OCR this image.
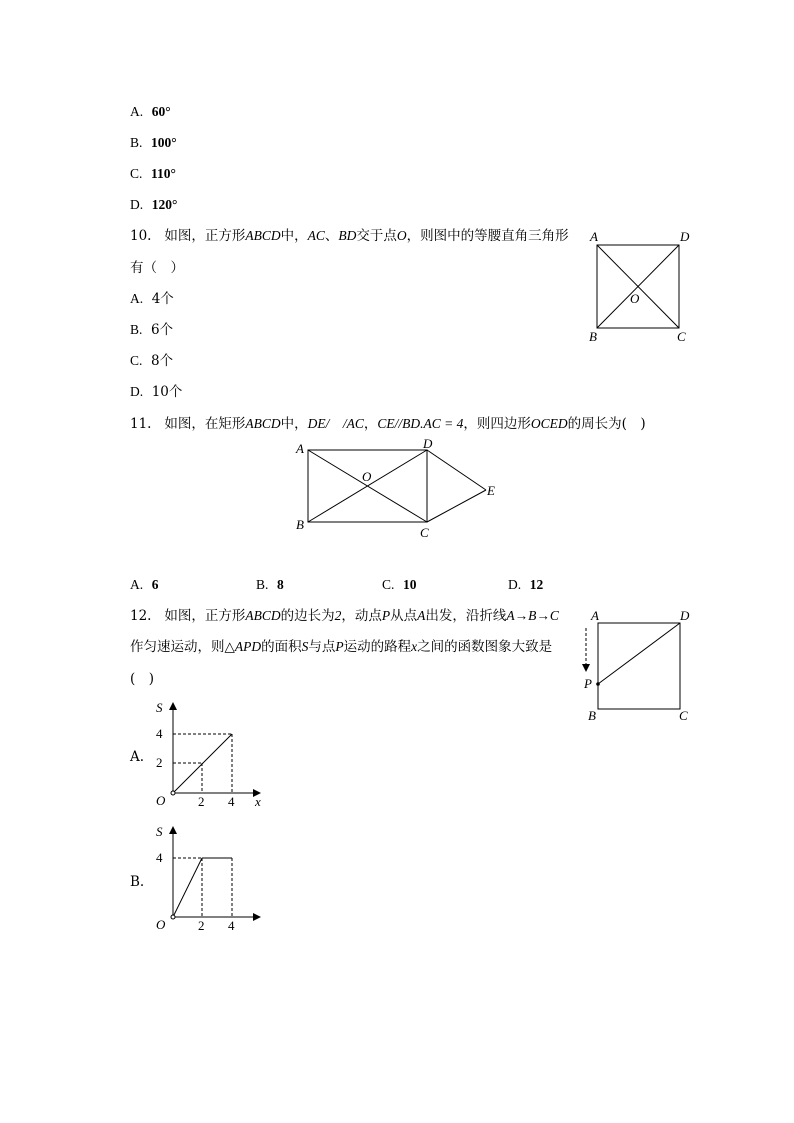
A. 60°
B. 100°
C. 110°
D. 120°
10. 如图，正方形ABCD中，AC、BD交于点O，则图中的等腰直角三角形
有（　）
A. 4个
B. 6个
C. 8个
D. 10个
A	D
B	C
O
11. 如图，在矩形ABCD中，DE/　/AC，CE//BD.AC = 4，则四边形OCED的周长为(　)
A	D
O
E
B
C
A. 6	B. 8	C. 10	D. 12
12. 如图，正方形ABCD的边长为2，动点P从点A出发，沿折线A→B→C
作匀速运动，则△APD的面积S与点P运动的路程x之间的函数图象大致是
(　)
A	D
P
B	C
A.
S
x
O	2 4
2
4
B.
S
O	2 4
4
